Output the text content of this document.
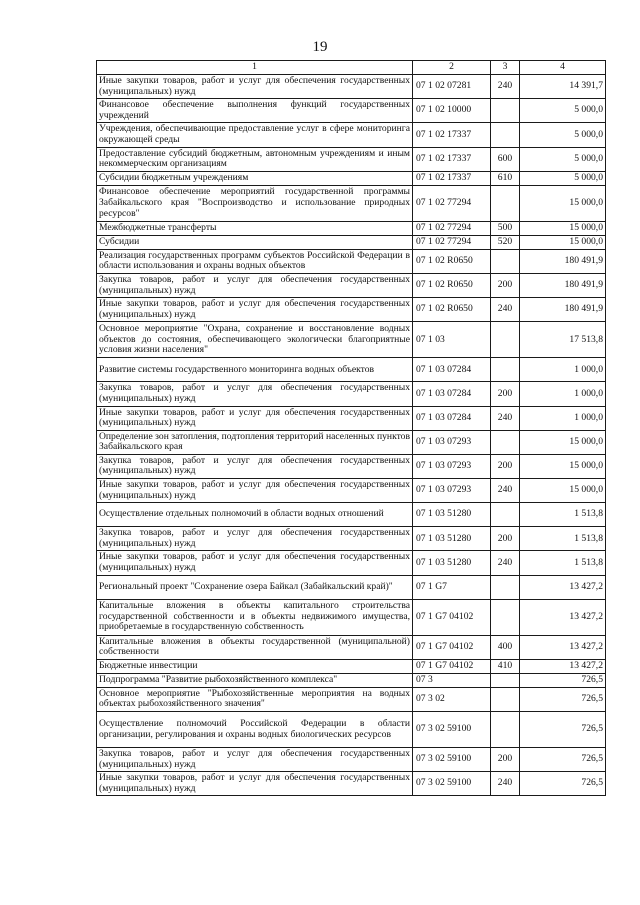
19
1	2	3	4
Иные закупки товаров, работ и услуг для обеспечения государственных (муниципальных) нужд	07 1 02 07281	240	14 391,7
Финансовое обеспечение выполнения функций государственных учреждений	07 1 02 10000		5 000,0
Учреждения, обеспечивающие предоставление услуг в сфере мониторинга окружающей среды	07 1 02 17337		5 000,0
Предоставление субсидий бюджетным, автономным учреждениям и иным некоммерческим организациям	07 1 02 17337	600	5 000,0
Субсидии бюджетным учреждениям	07 1 02 17337	610	5 000,0
Финансовое обеспечение мероприятий государственной программы Забайкальского края "Воспроизводство и использование природных ресурсов"	07 1 02 77294		15 000,0
Межбюджетные трансферты	07 1 02 77294	500	15 000,0
Субсидии	07 1 02 77294	520	15 000,0
Реализация государственных программ субъектов Российской Федерации в области использования и охраны водных объектов	07 1 02 R0650		180 491,9
Закупка товаров, работ и услуг для обеспечения государственных (муниципальных) нужд	07 1 02 R0650	200	180 491,9
Иные закупки товаров, работ и услуг для обеспечения государственных (муниципальных) нужд	07 1 02 R0650	240	180 491,9
Основное мероприятие "Охрана, сохранение и восстановление водных объектов до состояния, обеспечивающего экологически благоприятные условия жизни населения"	07 1 03		17 513,8
Развитие системы государственного мониторинга водных объектов	07 1 03 07284		1 000,0
Закупка товаров, работ и услуг для обеспечения государственных (муниципальных) нужд	07 1 03 07284	200	1 000,0
Иные закупки товаров, работ и услуг для обеспечения государственных (муниципальных) нужд	07 1 03 07284	240	1 000,0
Определение зон затопления, подтопления территорий населенных пунктов Забайкальского края	07 1 03 07293		15 000,0
Закупка товаров, работ и услуг для обеспечения государственных (муниципальных) нужд	07 1 03 07293	200	15 000,0
Иные закупки товаров, работ и услуг для обеспечения государственных (муниципальных) нужд	07 1 03 07293	240	15 000,0
Осуществление отдельных полномочий в области водных отношений	07 1 03 51280		1 513,8
Закупка товаров, работ и услуг для обеспечения государственных (муниципальных) нужд	07 1 03 51280	200	1 513,8
Иные закупки товаров, работ и услуг для обеспечения государственных (муниципальных) нужд	07 1 03 51280	240	1 513,8
Региональный проект "Сохранение озера Байкал (Забайкальский край)"	07 1 G7		13 427,2
Капитальные вложения в объекты капитального строительства государственной собственности и в объекты недвижимого имущества, приобретаемые в государственную собственность	07 1 G7 04102		13 427,2
Капитальные вложения в объекты государственной (муниципальной) собственности	07 1 G7 04102	400	13 427,2
Бюджетные инвестиции	07 1 G7 04102	410	13 427,2
Подпрограмма "Развитие рыбохозяйственного комплекса"	07 3		726,5
Основное мероприятие "Рыбохозяйственные мероприятия на водных объектах рыбохозяйственного значения"	07 3 02		726,5
Осуществление полномочий Российской Федерации в области организации, регулирования и охраны водных биологических ресурсов	07 3 02 59100		726,5
Закупка товаров, работ и услуг для обеспечения государственных (муниципальных) нужд	07 3 02 59100	200	726,5
Иные закупки товаров, работ и услуг для обеспечения государственных (муниципальных) нужд	07 3 02 59100	240	726,5
